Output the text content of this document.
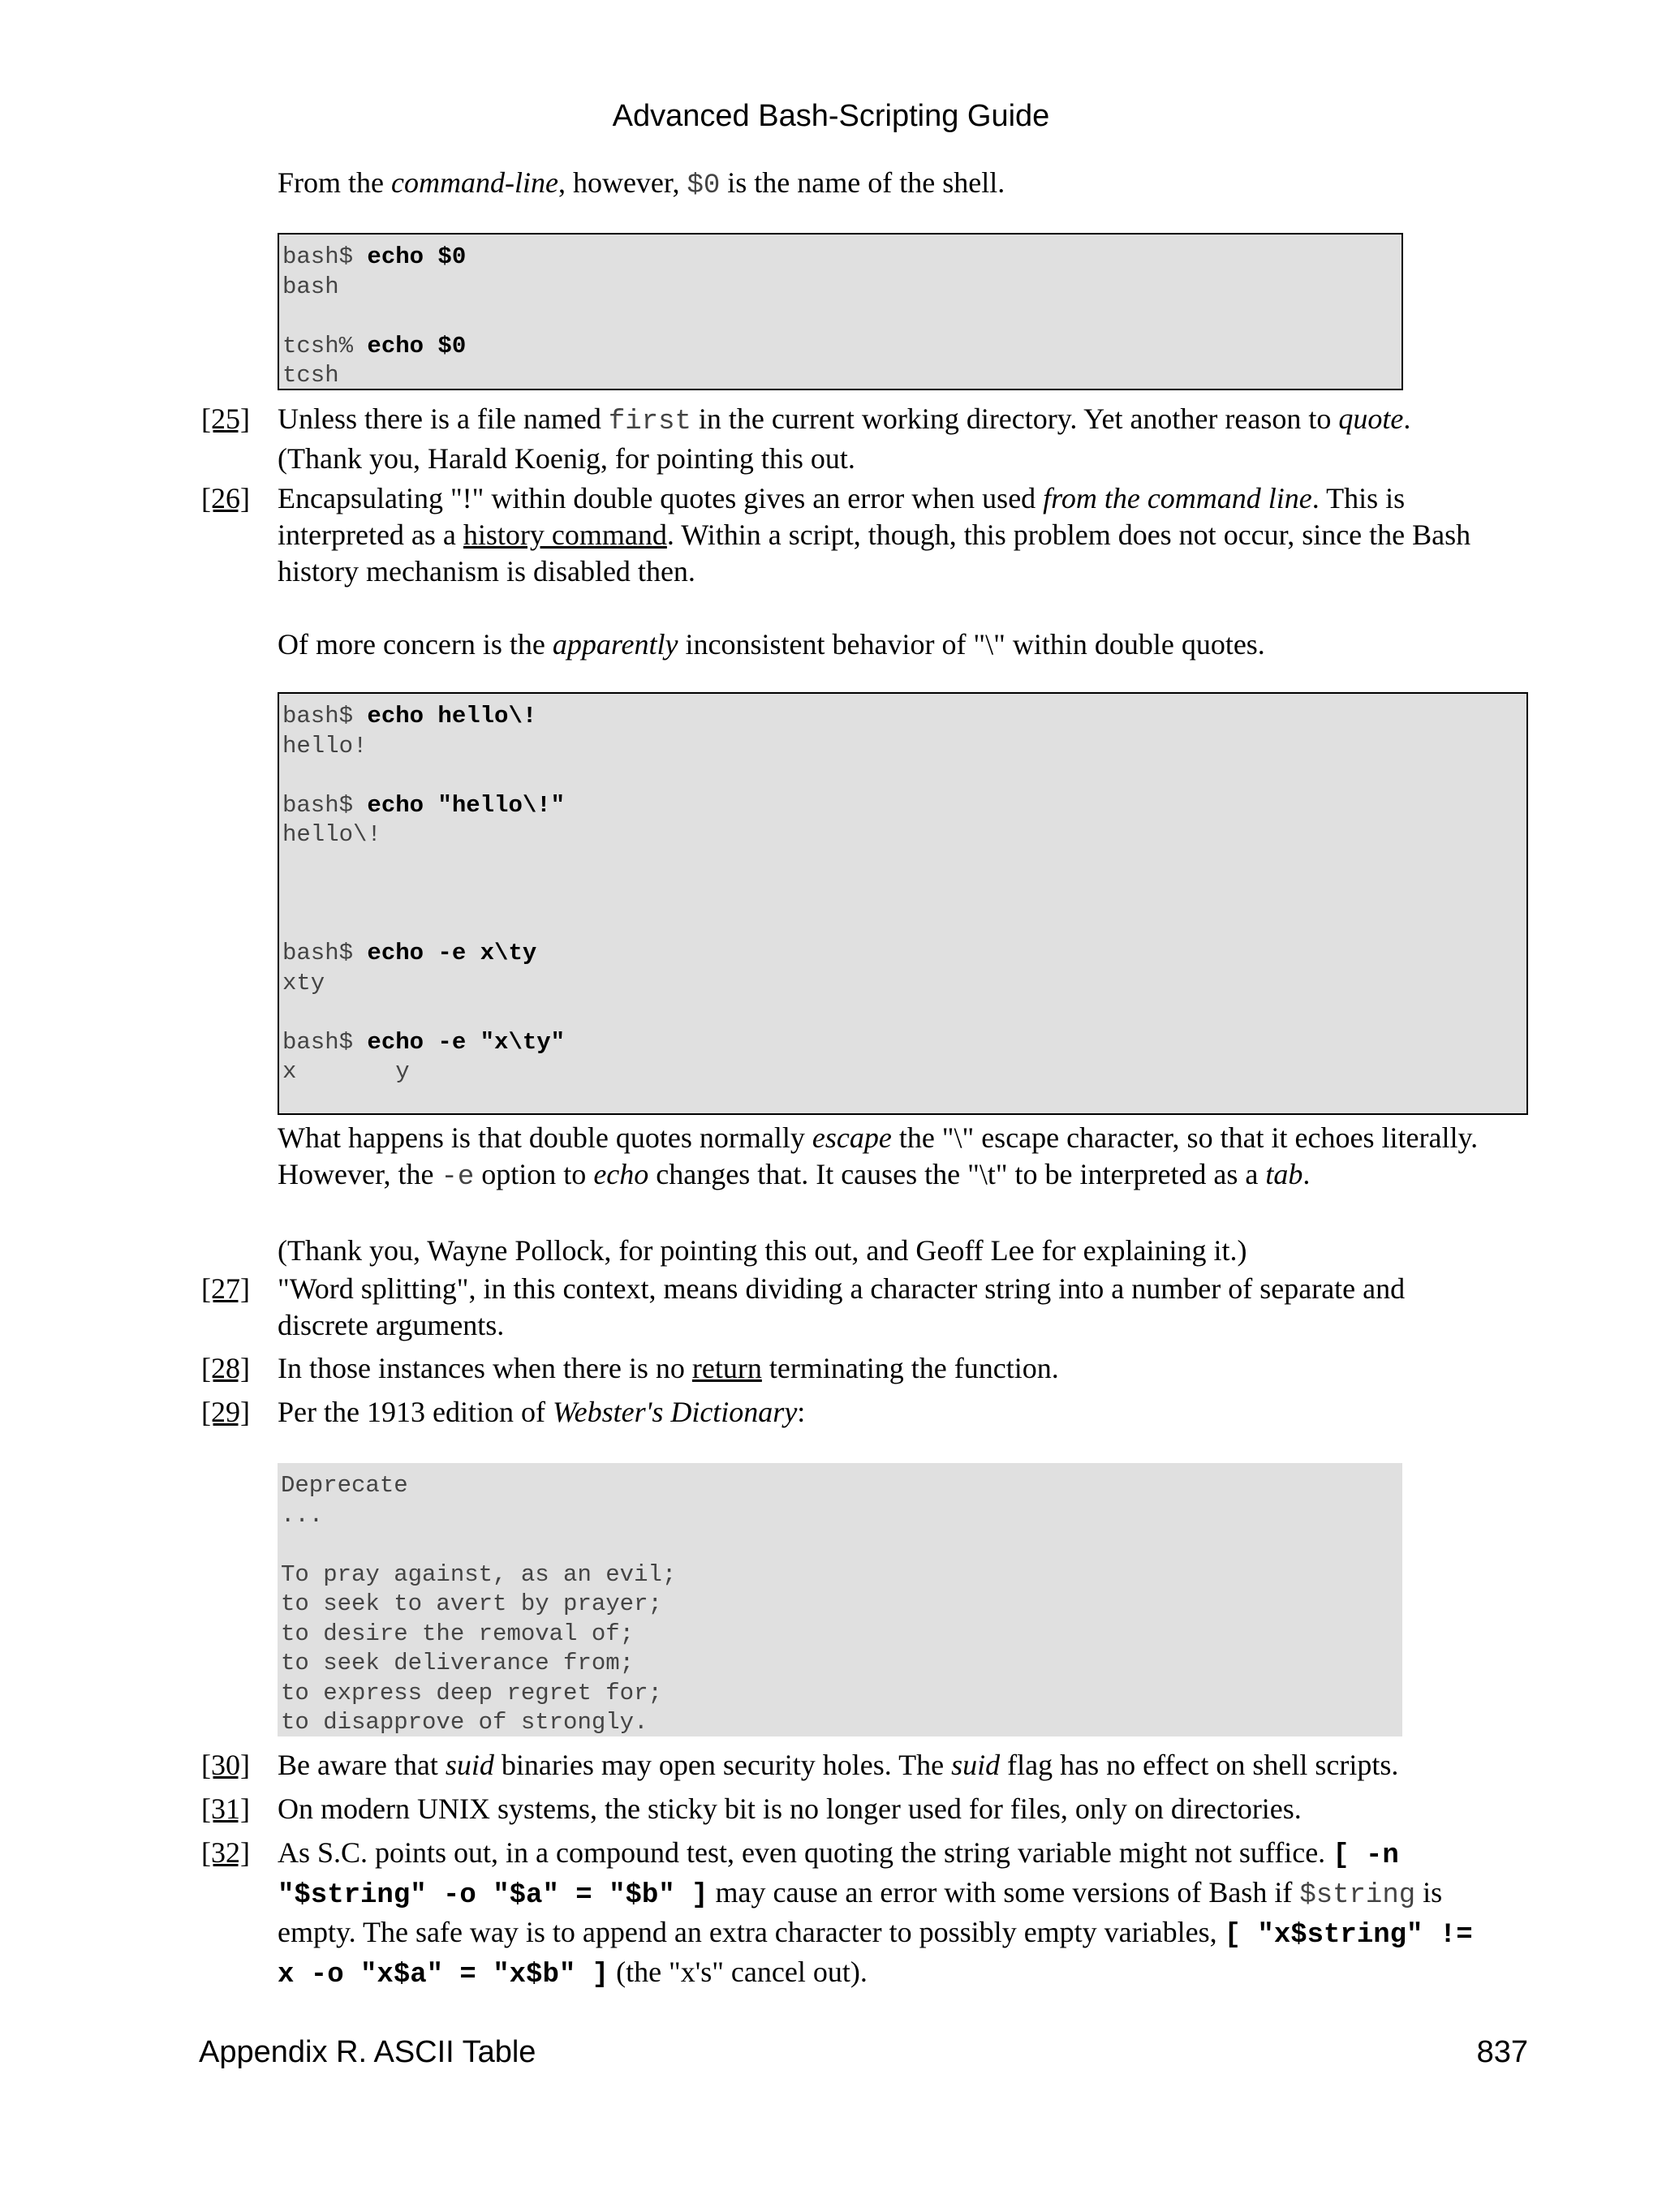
Advanced Bash-Scripting Guide

From the command-line, however, $0 is the name of the shell.

bash$ echo $0
bash

tcsh% echo $0
tcsh
[25] Unless there is a file named first in the current working directory. Yet another reason to quote.

(Thank you, Harald Koenig, for pointing this out.

[26] Encapsulating "!" within double quotes gives an error when used from the command line. This is

interpreted as a history command. Within a script, though, this problem does not occur, since the Bash

history mechanism is disabled then.

Of more concern is the apparently inconsistent behavior of "\" within double quotes.

bash$ echo hello\!
hello!

bash$ echo "hello\!"
hello\!

bash$ echo -e x\ty
xty

bash$ echo -e "x\ty"
x       y

What happens is that double quotes normally escape the "\" escape character, so that it echoes literally.

However, the -e option to echo changes that. It causes the "\t" to be interpreted as a tab.

(Thank you, Wayne Pollock, for pointing this out, and Geoff Lee for explaining it.)

[27] "Word splitting", in this context, means dividing a character string into a number of separate and

discrete arguments.

[28] In those instances when there is no return terminating the function.

[29] Per the 1913 edition of Webster's Dictionary:

Deprecate
...

To pray against, as an evil;
to seek to avert by prayer;
to desire the removal of;
to seek deliverance from;
to express deep regret for;
to disapprove of strongly.
[30] Be aware that suid binaries may open security holes. The suid flag has no effect on shell scripts.

[31] On modern UNIX systems, the sticky bit is no longer used for files, only on directories.

[32] As S.C. points out, in a compound test, even quoting the string variable might not suffice. [ -n

"$string" -o "$a" = "$b" ] may cause an error with some versions of Bash if $string is

empty. The safe way is to append an extra character to possibly empty variables, [ "x$string" !=

x -o "x$a" = "x$b" ] (the "x's" cancel out).

Appendix R. ASCII Table	837
